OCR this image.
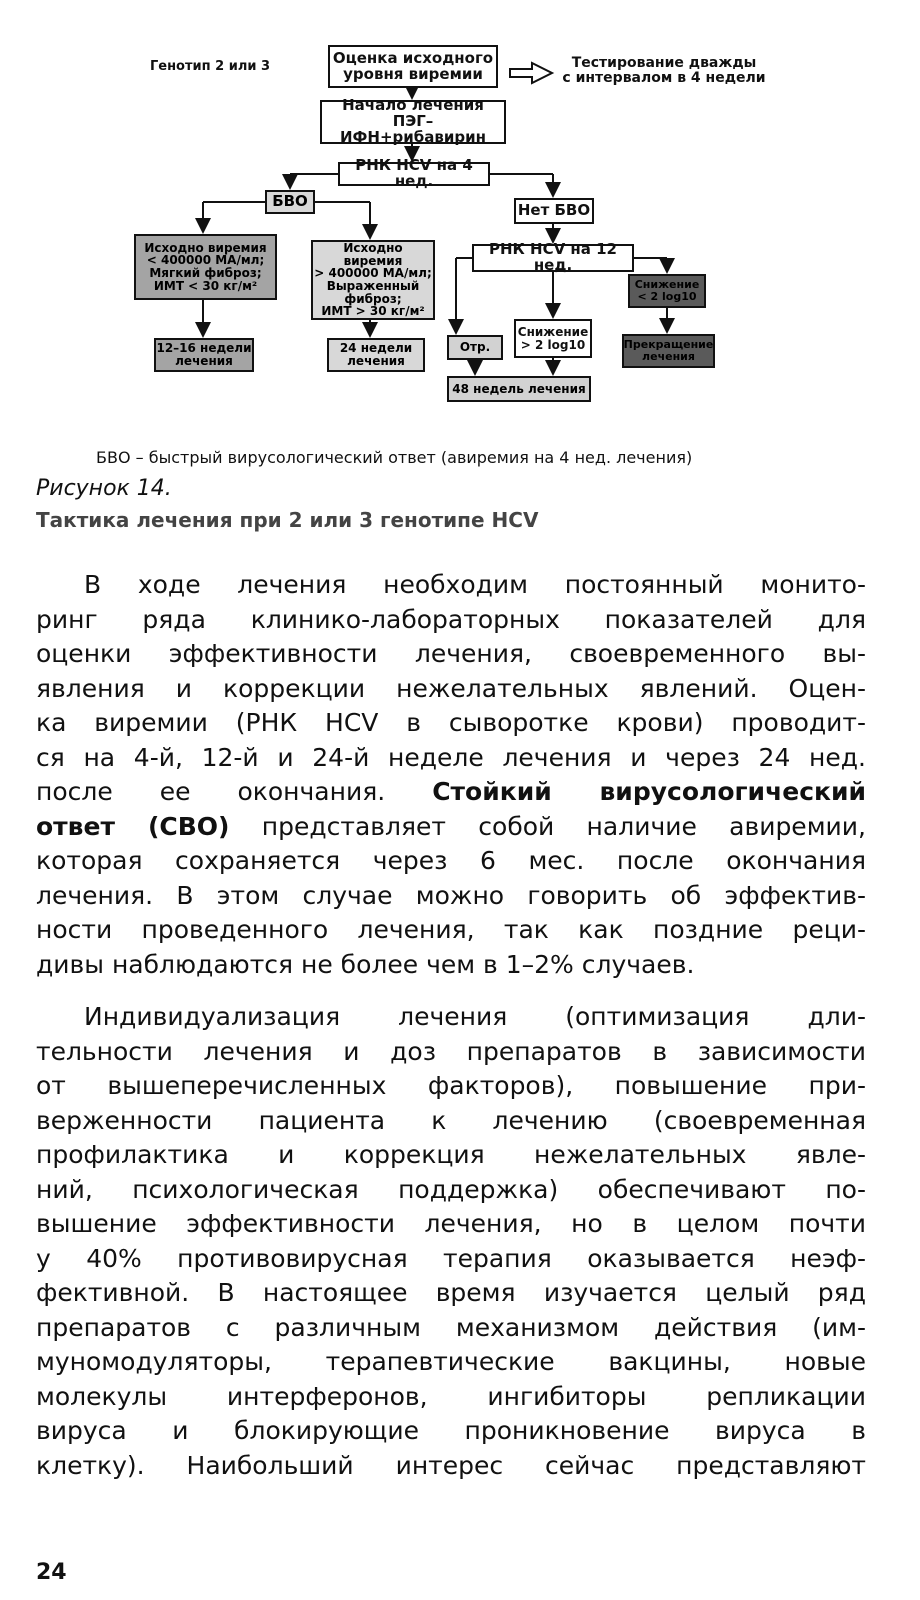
Генотип 2 или 3	Оценка исходного
уровня виремии
Тестирование дважды
с интервалом в 4 недели
Начало лечения
ПЭГ–ИФН+рибавирин
РНК HCV на 4 нед.
БВО	Нет БВО
Исходно виремия
< 400000 МА/мл;
Мягкий фиброз;
ИМТ < 30 кг/м²
Исходно виремия
> 400000 МА/мл;
Выраженный
фиброз;
ИМТ > 30 кг/м²
РНК HCV на 12 нед.
Снижение
< 2 log10
12–16 недели
лечения
24 недели
лечения
Отр.
Снижение
> 2 log10	Прекращение
лечения
48 недель лечения
БВО – быстрый вирусологический ответ (авиремия на 4 нед. лечения)
Рисунок 14.
Тактика лечения при 2 или 3 генотипе HCV
В ходе лечения необходим постоянный монито-
ринг ряда клинико-лабораторных показателей для
оценки эффективности лечения, своевременного вы-
явления и коррекции нежелательных явлений. Оцен-
ка виремии (РНК HCV в сыворотке крови) проводит-
ся на 4-й, 12-й и 24-й неделе лечения и через 24 нед.
после ее окончания. Стойкий вирусологический
ответ (СВО) представляет собой наличие авиремии,
которая сохраняется через 6 мес. после окончания
лечения. В этом случае можно говорить об эффектив-
ности проведенного лечения, так как поздние реци-
дивы наблюдаются не более чем в 1–2% случаев.
Индивидуализация лечения (оптимизация дли-
тельности лечения и доз препаратов в зависимости
от вышеперечисленных факторов), повышение при-
верженности пациента к лечению (своевременная
профилактика и коррекция нежелательных явле-
ний, психологическая поддержка) обеспечивают по-
вышение эффективности лечения, но в целом почти
у 40% противовирусная терапия оказывается неэф-
фективной. В настоящее время изучается целый ряд
препаратов с различным механизмом действия (им-
муномодуляторы, терапевтические вакцины, новые
молекулы интерферонов, ингибиторы репликации
вируса и блокирующие проникновение вируса в
клетку). Наибольший интерес сейчас представляют
24
